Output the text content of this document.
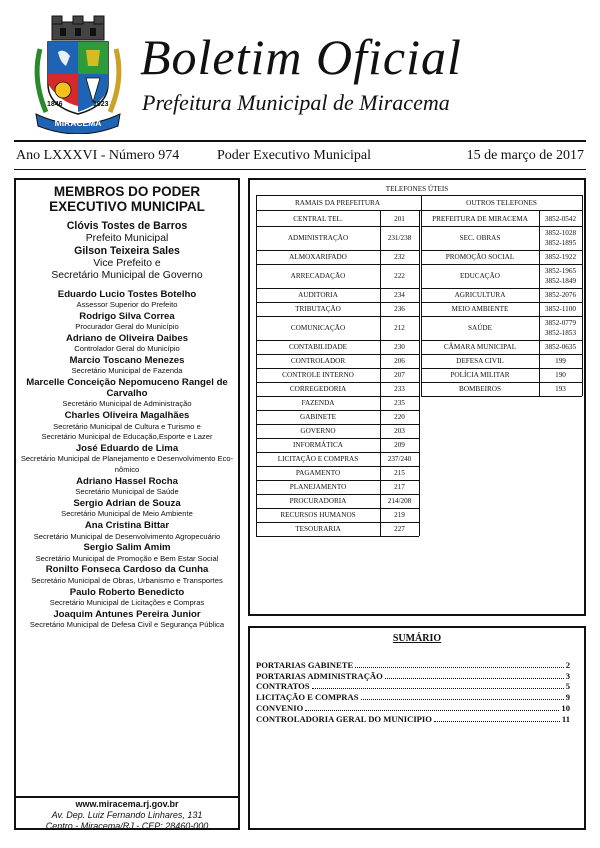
1846	1923
MIRACEMA
Boletim Oficial
Prefeitura Municipal de Miracema
Ano LXXXVI - Número 974	Poder Executivo Municipal	15 de março de 2017
MEMBROS DO PODER
EXECUTIVO MUNICIPAL
Clóvis Tostes de Barros
Prefeito Municipal
Gilson Teixeira Sales
Vice Prefeito e
Secretário Municipal de Governo
Eduardo Lucio Tostes Botelho
Assessor Superior do Prefeito
Rodrigo Silva Correa
Procurador Geral do Município
Adriano de Oliveira Daibes
Controlador Geral do Município
Marcio Toscano Menezes
Secretário Municipal de Fazenda
Marcelle Conceição Nepomuceno Rangel de
Carvalho
Secretário Municipal de Administração
Charles Oliveira Magalhães
Secretário Municipal de Cultura e Turismo e
Secretário Municipal de Educação,Esporte e Lazer
José Eduardo de Lima
Secretário Municipal de Planejamento e Desenvolvimento Eco-
nômico
Adriano Hassel Rocha
Secretário Municipal de Saúde
Sergio Adrian de Souza
Secretário Municipal de Meio Ambiente
Ana Cristina Bittar
Secretário Municipal de Desenvolvimento Agropecuário
Sergio Salim Amim
Secretário Municipal de Promoção e Bem Estar Social
Ronilto Fonseca Cardoso da Cunha
Secretário Municipal de Obras, Urbanismo e Transportes
Paulo Roberto Benedicto
Secretário Municipal de Licitações e Compras
Joaquim Antunes Pereira Junior
Secretário Municipal de Defesa Civil e Segurança Pública
www.miracema.rj.gov.br
Av. Dep. Luiz Fernando Linhares, 131
Centro - Miracema/RJ - CEP: 28460-000
TELEFONES ÚTEIS
RAMAIS DA PREFEITURA	OUTROS TELEFONES
CENTRAL TEL.	201
ADMINISTRAÇÃO	231/238
ALMOXARIFADO	232
ARRECADAÇÃO	222
AUDITORIA	234
TRIBUTAÇÃO	236
COMUNICAÇÃO	212
CONTABILIDADE	230
CONTROLADOR	206
CONTROLE INTERNO	207
CORREGEDORIA	233
FAZENDA	235
GABINETE	220
GOVERNO	203
INFORMÁTICA	209
LICITAÇÃO E COMPRAS	237/240
PAGAMENTO	215
PLANEJAMENTO	217
PROCURADORIA	214/208
RECURSOS HUMANOS	219
TESOURARIA	227
PREFEITURA DE MIRACEMA	3852-0542
SEC. OBRAS
3852-1028
3852-1895
PROMOÇÃO SOCIAL	3852-1922
EDUCAÇÃO
3852-1965
3852-1849
AGRICULTURA	3852-2076
MEIO AMBIENTE	3852-1100
SAÚDE
3852-0779
3852-1853
CÂMARA MUNICIPAL	3852-0635
DEFESA CIVIL	199
POLÍCIA MILITAR	190
BOMBEIROS	193
SUMÁRIO
PORTARIAS GABINETE	2
PORTARIAS ADMINISTRAÇÃO	3
CONTRATOS	5
LICITAÇÃO E COMPRAS	9
CONVENIO	10
CONTROLADORIA GERAL DO MUNICIPIO	11
